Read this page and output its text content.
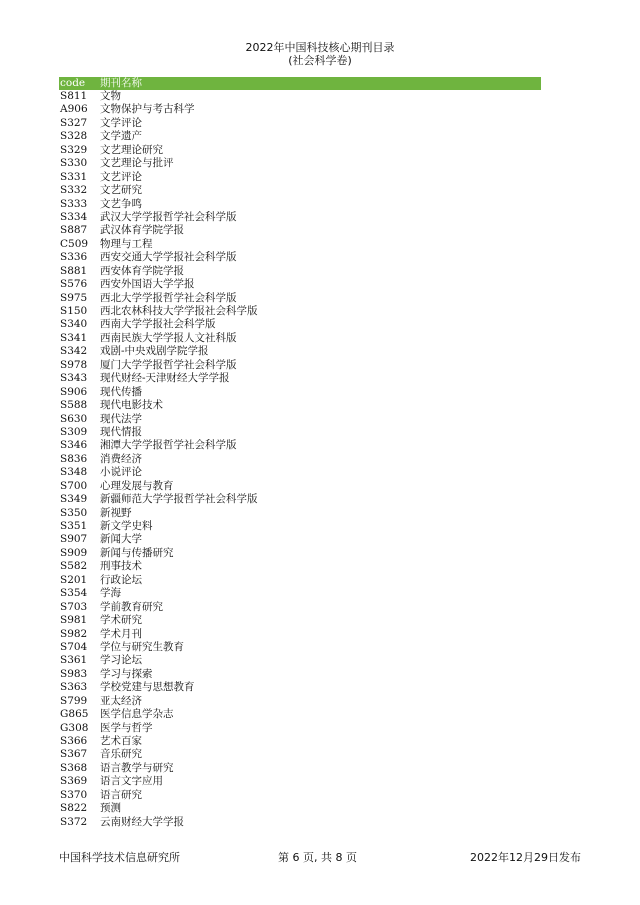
2022年中国科技核心期刊目录
(社会科学卷)
code	期刊名称
S811	文物
A906	文物保护与考古科学
S327	文学评论
S328	文学遗产
S329	文艺理论研究
S330	文艺理论与批评
S331	文艺评论
S332	文艺研究
S333	文艺争鸣
S334	武汉大学学报哲学社会科学版
S887	武汉体育学院学报
C509	物理与工程
S336	西安交通大学学报社会科学版
S881	西安体育学院学报
S576	西安外国语大学学报
S975	西北大学学报哲学社会科学版
S150	西北农林科技大学学报社会科学版
S340	西南大学学报社会科学版
S341	西南民族大学学报人文社科版
S342	戏剧-中央戏剧学院学报
S978	厦门大学学报哲学社会科学版
S343	现代财经-天津财经大学学报
S906	现代传播
S588	现代电影技术
S630	现代法学
S309	现代情报
S346	湘潭大学学报哲学社会科学版
S836	消费经济
S348	小说评论
S700	心理发展与教育
S349	新疆师范大学学报哲学社会科学版
S350	新视野
S351	新文学史料
S907	新闻大学
S909	新闻与传播研究
S582	刑事技术
S201	行政论坛
S354	学海
S703	学前教育研究
S981	学术研究
S982	学术月刊
S704	学位与研究生教育
S361	学习论坛
S983	学习与探索
S363	学校党建与思想教育
S799	亚太经济
G865	医学信息学杂志
G308	医学与哲学
S366	艺术百家
S367	音乐研究
S368	语言教学与研究
S369	语言文字应用
S370	语言研究
S822	预测
S372	云南财经大学学报
中国科学技术信息研究所	第 6 页, 共 8 页	2022年12月29日发布
